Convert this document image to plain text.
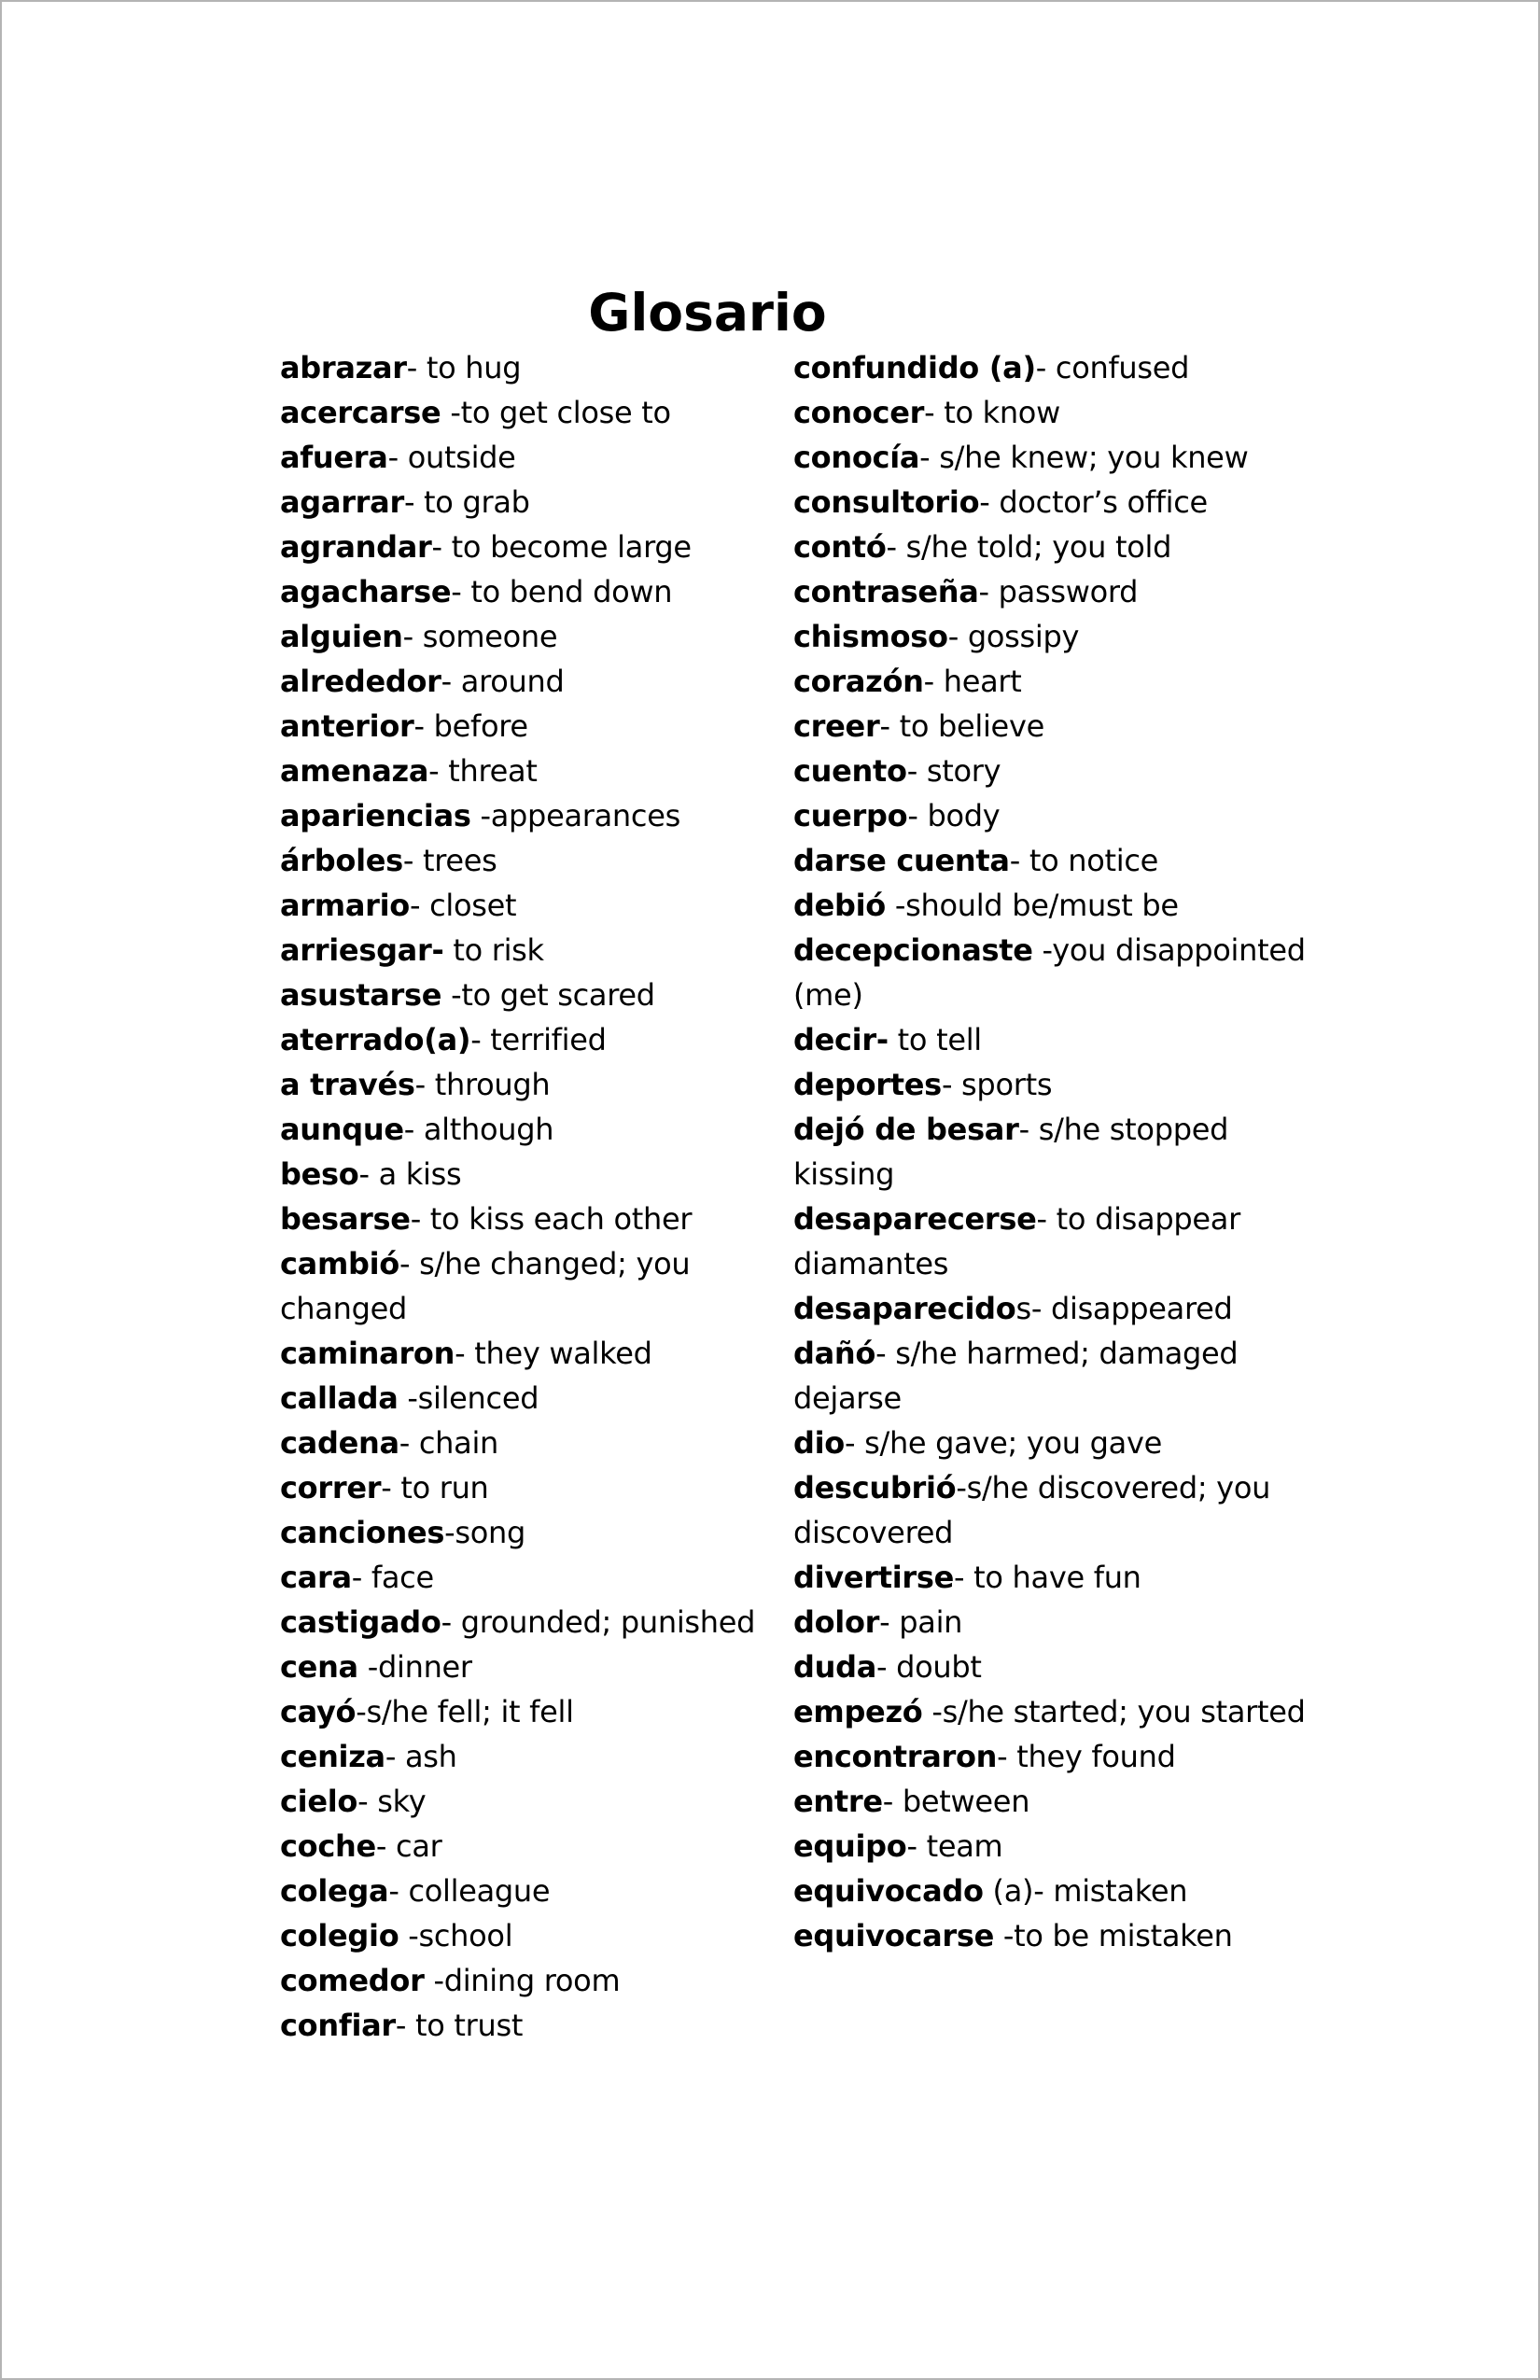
Glosario
abrazar- to hug
acercarse -to get close to
afuera- outside
agarrar- to grab
agrandar- to become large
agacharse- to bend down
alguien- someone
alrededor- around
anterior- before
amenaza- threat
apariencias -appearances
árboles- trees
armario- closet
arriesgar- to risk
asustarse -to get scared
aterrado(a)- terrified
a través- through
aunque- although
beso- a kiss
besarse- to kiss each other
cambió- s/he changed; you changed
caminaron- they walked
callada -silenced
cadena- chain
correr- to run
canciones-song
cara- face
castigado- grounded; punished
cena -dinner
cayó-s/he fell; it fell
ceniza- ash
cielo- sky
coche- car
colega- colleague
colegio -school
comedor -dining room
confiar- to trust
confundido (a)- confused
conocer- to know
conocía- s/he knew; you knew
consultorio- doctor’s office
contó- s/he told; you told
contraseña- password
chismoso- gossipy
corazón- heart
creer- to believe
cuento- story
cuerpo- body
darse cuenta- to notice
debió -should be/must be
decepcionaste -you disappointed (me)
decir- to tell
deportes- sports
dejó de besar- s/he stopped kissing
desaparecerse- to disappear diamantes
desaparecidos- disappeared
dañó- s/he harmed; damaged dejarse
dio- s/he gave; you gave
descubrió-s/he discovered; you discovered
divertirse- to have fun
dolor- pain
duda- doubt
empezó -s/he started; you started
encontraron- they found
entre- between
equipo- team
equivocado (a)- mistaken
equivocarse -to be mistaken
